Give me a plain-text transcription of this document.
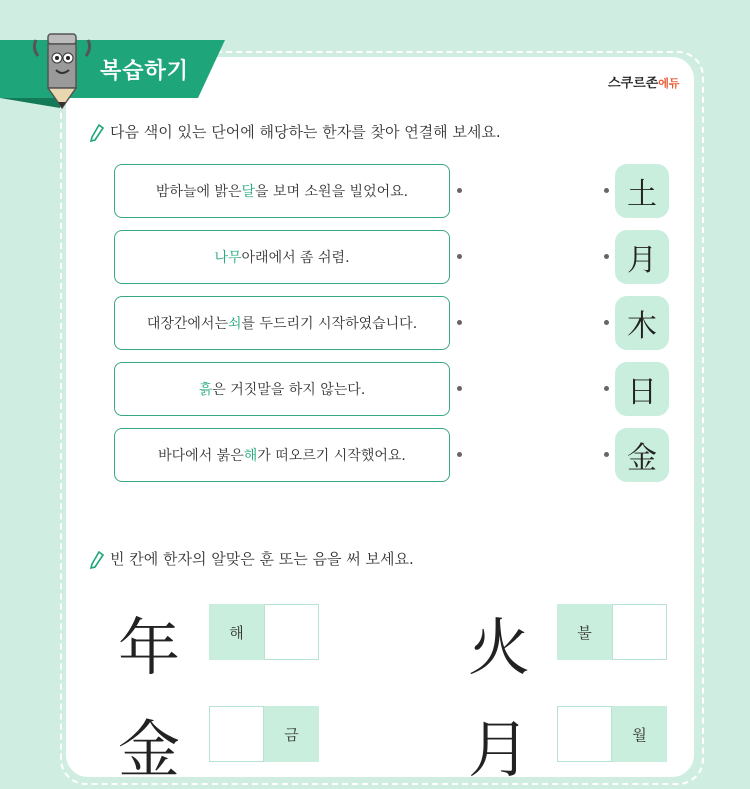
복습하기	스쿠르존에듀
다음 색이 있는 단어에 해당하는 한자를 찾아 연결해 보세요.
밤하늘에 밝은 달 을 보며 소원을 빌었어요.
나무 아래에서 좀 쉬렴.
대장간에서는 쇠 를 두드리기 시작하였습니다.
흙 은 거짓말을 하지 않는다.
바다에서 붉은 해 가 떠오르기 시작했어요.
土
月
木
日
金
빈 칸에 한자의 알맞은 훈 또는 음을 써 보세요.
年	해	火	불
金	금	月	월
